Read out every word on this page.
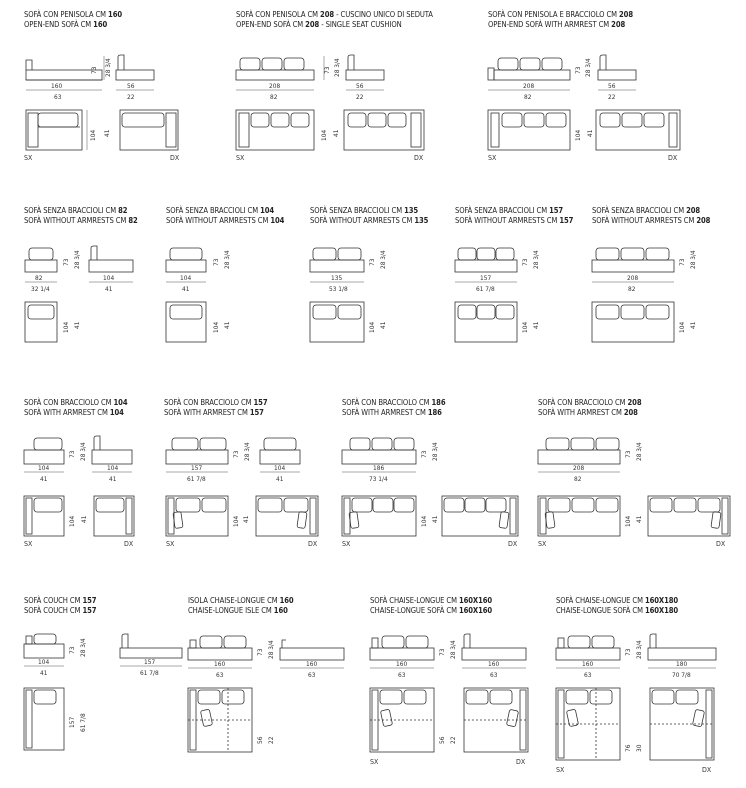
SOFÀ CON PENISOLA CM 160
OPEN-END SOFÀ CM 160
73 28 3/4
160
63
56
22
104 41
SX	DX
SOFÀ CON PENISOLA CM 208 - CUSCINO UNICO DI SEDUTA
OPEN-END SOFÀ CM 208 - SINGLE SEAT CUSHION
73 28 3/4
208
82
56
22
104 41
SX	DX
SOFÀ CON PENISOLA E BRACCIOLO CM 208
OPEN-END SOFÀ WITH ARMREST CM 208
73 28 3/4
208
82
56
22
104 41
SX	DX
SOFÀ SENZA BRACCIOLI CM 82
SOFÀ WITHOUT ARMRESTS CM 82
73 28 3/4
82
32 1/4
104
41
104 41
SOFÀ SENZA BRACCIOLI CM 104
SOFÀ WITHOUT ARMRESTS CM 104
73 28 3/4
104
41
104 41
SOFÀ SENZA BRACCIOLI CM 135
SOFÀ WITHOUT ARMRESTS CM 135
73 28 3/4
135
53 1/8
104 41
SOFÀ SENZA BRACCIOLI CM 157
SOFÀ WITHOUT ARMRESTS CM 157
73 28 3/4
157
61 7/8
104 41
SOFÀ SENZA BRACCIOLI CM 208
SOFÀ WITHOUT ARMRESTS CM 208
73 28 3/4
208
82
104 41
SOFÀ CON BRACCIOLO CM 104
SOFÀ WITH ARMREST CM 104
73 28 3/4
104
41
104
41
104 41
SX	DX
SOFÀ CON BRACCIOLO CM 157
SOFÀ WITH ARMREST CM 157
73 28 3/4
157
61 7/8
104
41
104 41
SX	DX
SOFÀ CON BRACCIOLO CM 186
SOFÀ WITH ARMREST CM 186
73 28 3/4
186
73 1/4
104 41
SX	DX
SOFÀ CON BRACCIOLO CM 208
SOFÀ WITH ARMREST CM 208
73 28 3/4
208
82
104 41
SX	DX
SOFÀ COUCH CM 157
SOFÀ COUCH CM 157
73 28 3/4
104
41
157
61 7/8
157 61 7/8
ISOLA CHAISE-LONGUE CM 160
CHAISE-LONGUE ISLE CM 160
73 28 3/4
160
63
160
63
56 22
SOFÀ CHAISE-LONGUE CM 160X160
CHAISE-LONGUE SOFÀ CM 160X160
73 28 3/4
160
63
160
63
56 22
SX	DX
SOFÀ CHAISE-LONGUE CM 160X180
CHAISE-LONGUE SOFÀ CM 160X180
73 28 3/4
160
63
180
70 7/8
76 30
SX	DX
